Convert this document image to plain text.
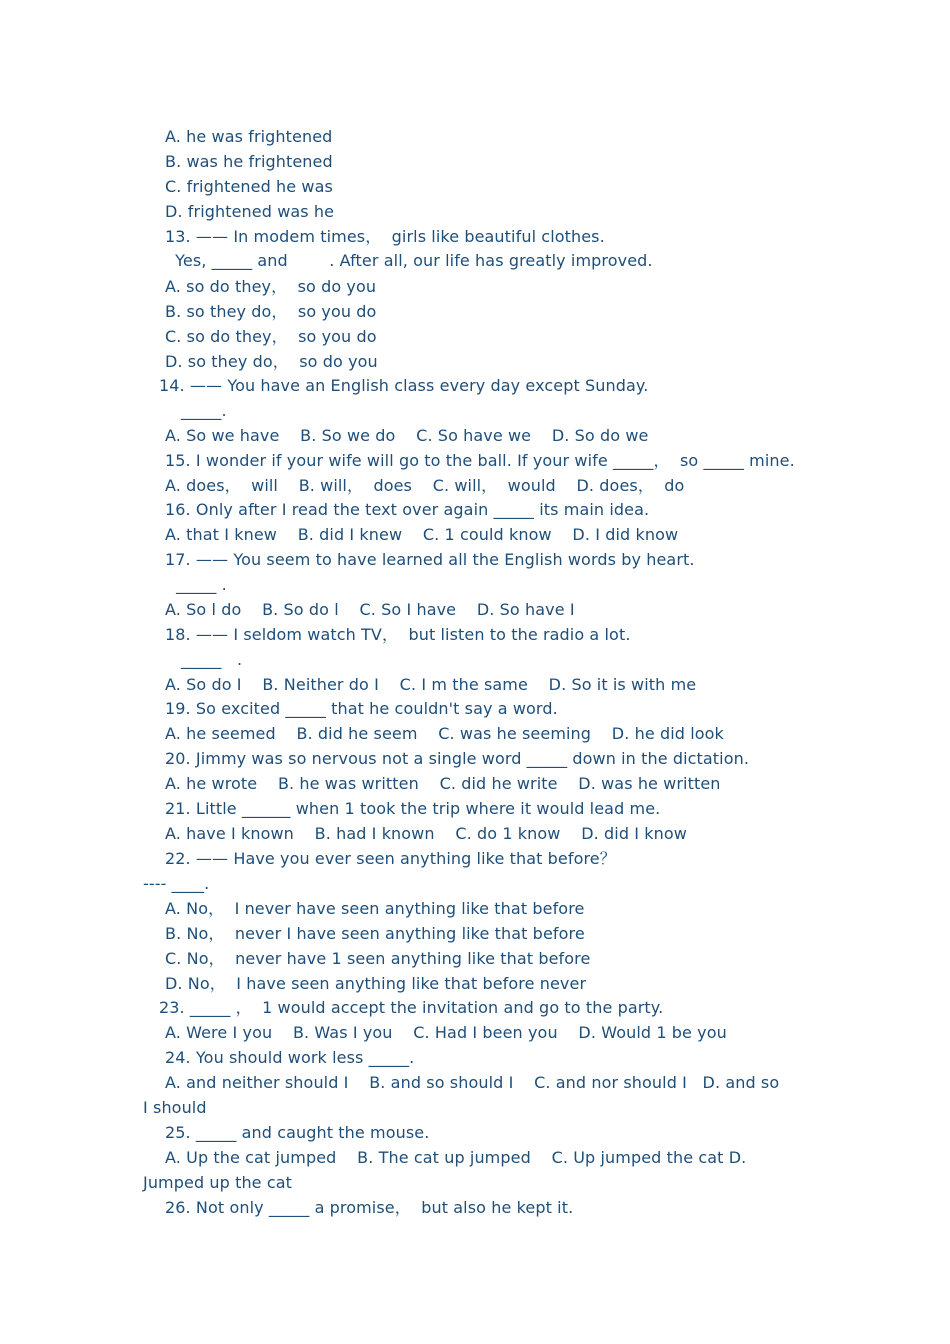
A. he was frightened
B. was he frightened
C. frightened he was
D. frightened was he
13. —— In modem times，  girls like beautiful clothes.
Yes, _____ and        . After all, our life has greatly improved.
A. so do they，  so do you
B. so they do，  so you do
C. so do they，  so you do
D. so they do，  so do you
14. —— You have an English class every day except Sunday.
_____.
A. So we have    B. So we do    C. So have we    D. So do we
15. I wonder if your wife will go to the ball. If your wife _____，  so _____ mine.
A. does，  will    B. will，  does    C. will，  would    D. does，  do
16. Only after I read the text over again _____ its main idea.
A. that I knew    B. did I knew    C. 1 could know    D. I did know
17. —— You seem to have learned all the English words by heart.
_____ .
A. So l do    B. So do l    C. So I have    D. So have I
18. —— I seldom watch TV，  but listen to the radio a lot.
_____   .
A. So do I    B. Neither do I    C. I m the same    D. So it is with me
19. So excited _____ that he couldn't say a word.
A. he seemed    B. did he seem    C. was he seeming    D. he did look
20. Jimmy was so nervous not a single word _____ down in the dictation.
A. he wrote    B. he was written    C. did he write    D. was he written
21. Little ______ when 1 took the trip where it would lead me.
A. have I known    B. had I known    C. do 1 know    D. did I know
22. —— Have you ever seen anything like that before？
---- ____.
A. No，  I never have seen anything like that before
B. No，  never I have seen anything like that before
C. No，  never have 1 seen anything like that before
D. No，  I have seen anything like that before never
23. _____ ，  1 would accept the invitation and go to the party.
A. Were I you    B. Was I you    C. Had I been you    D. Would 1 be you
24. You should work less _____.
A. and neither should I    B. and so should I    C. and nor should I   D. and so
I should
25. _____ and caught the mouse.
A. Up the cat jumped    B. The cat up jumped    C. Up jumped the cat D.
Jumped up the cat
26. Not only _____ a promise，  but also he kept it.
